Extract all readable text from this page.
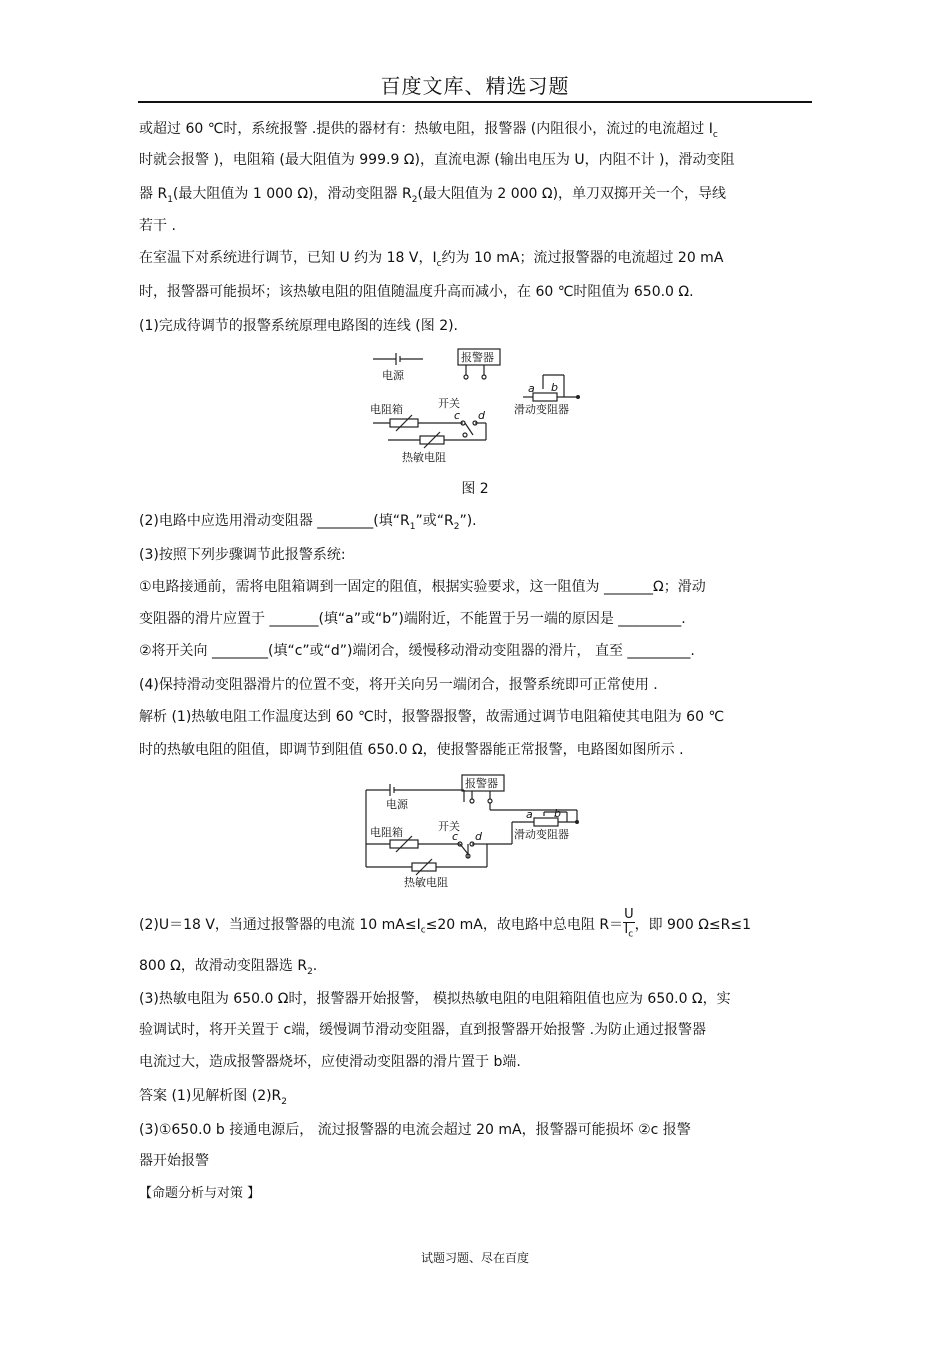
百度文库、精选习题
或超过 60 ℃时，系统报警 .提供的器材有：热敏电阻，报警器 (内阻很小，流过的电流超过 $I_c$
时就会报警 )，电阻箱 (最大阻值为 999.9 Ω)，直流电源 (输出电压为 U，内阻不计 )，滑动变阻
器 $R_1$(最大阻值为 1 000 Ω)，滑动变阻器 $R_2$(最大阻值为 2 000 Ω)，单刀双掷开关一个，导线
若干 .
在室温下对系统进行调节，已知 U 约为 18 V，$I_c$约为 10 mA；流过报警器的电流超过 20 mA
时，报警器可能损坏；该热敏电阻的阻值随温度升高而减小，在 60 ℃时阻值为 650.0 Ω.
(1)完成待调节的报警系统原理电路图的连线 (图 2).
电源
报警器
开关
电阻箱	滑动变阻器
热敏电阻
a b
c d
图 2
(2)电路中应选用滑动变阻器 ________(填“$R_1$”或“$R_2$”).
(3)按照下列步骤调节此报警系统:
①电路接通前，需将电阻箱调到一固定的阻值，根据实验要求，这一阻值为 _______Ω；滑动
变阻器的滑片应置于 _______(填“a”或“b”)端附近，不能置于另一端的原因是 _________.
②将开关向 ________(填“c”或“d”)端闭合，缓慢移动滑动变阻器的滑片， 直至 _________.
(4)保持滑动变阻器滑片的位置不变，将开关向另一端闭合，报警系统即可正常使用 .
解析 (1)热敏电阻工作温度达到 60 ℃时，报警器报警，故需通过调节电阻箱使其电阻为 60 ℃
时的热敏电阻的阻值，即调节到阻值 650.0 Ω，使报警器能正常报警，电路图如图所示 .
电源
报警器
开关
电阻箱	滑动变阻器
热敏电阻
a b
c d
(2)U＝18 V，当通过报警器的电流 10 $mA\le I_c\le 20$ mA，故电路中总电阻 $R= \frac{U}{I_c}$ ，即 900 Ω≤R≤1
800 Ω，故滑动变阻器选 $R_2$.
(3)热敏电阻为 650.0 Ω时，报警器开始报警， 模拟热敏电阻的电阻箱阻值也应为 650.0 Ω，实
验调试时，将开关置于 c端，缓慢调节滑动变阻器，直到报警器开始报警 .为防止通过报警器
电流过大，造成报警器烧坏，应使滑动变阻器的滑片置于 b端.
答案 (1)见解析图 $(2)R_2$
(3)①650.0 b 接通电源后， 流过报警器的电流会超过 20 mA，报警器可能损坏 ②c 报警
器开始报警
【命题分析与对策 】
试题习题、尽在百度
